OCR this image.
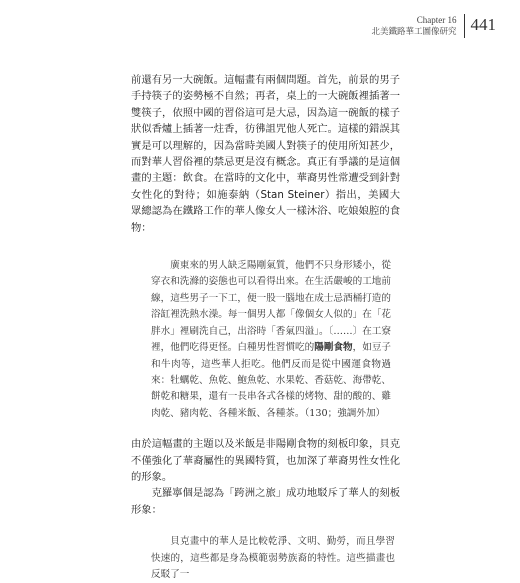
Chapter 16
北美鐵路華工圖像研究 441

前還有另一大碗飯。這幅畫有兩個問題。首先，前景的男子手持筷子的姿勢極不自然；再者，桌上的一大碗飯裡插著一雙筷子，依照中國的習俗這可是大忌，因為這一碗飯的樣子狀似香爐上插著一炷香，彷彿詛咒他人死亡。這樣的錯誤其實是可以理解的，因為當時美國人對筷子的使用所知甚少，而對華人習俗裡的禁忌更是沒有概念。真正有爭議的是這個畫的主題：飲食。在當時的文化中，華裔男性常遭受到針對女性化的對待；如施泰納（Stan Steiner）指出，美國大眾總認為在鐵路工作的華人像女人一樣沐浴、吃娘娘腔的食物：

廣東來的男人缺乏陽剛氣質，他們不只身形矮小，從穿衣和洗滌的姿態也可以看得出來。在生活嚴峻的工地前線，這些男子一下工，便一股一腦地在成士忌酒桶打造的浴缸裡洗熱水澡。每一個男人都「像個女人似的」在「花胖水」裡刷洗自己，出浴時「香氣四溢」。〔……〕在工寮裡，他們吃得更怪。白種男性習慣吃的陽剛食物，如豆子和牛肉等，這些華人拒吃。他們反而是從中國運食物過來：牡蠣乾、魚乾、鮑魚乾、水果乾、香菇乾、海帶乾、餅乾和糖果，還有一長串各式各樣的烤物、甜的酸的、雞肉乾、豬肉乾、各種米飯、各種茶。（130；強調外加）

由於這幅畫的主題以及米飯是非陽剛食物的刻板印象，貝克不僅強化了華裔屬性的異國特質，也加深了華裔男性女性化的形象。

克羅寧個是認為「跨洲之旅」成功地駁斥了華人的刻板形象：

貝克畫中的華人是比較乾淨、文明、勤勞，而且學習快速的，這些都是身為模範弱勢族裔的特性。這些描畫也反駁了一
